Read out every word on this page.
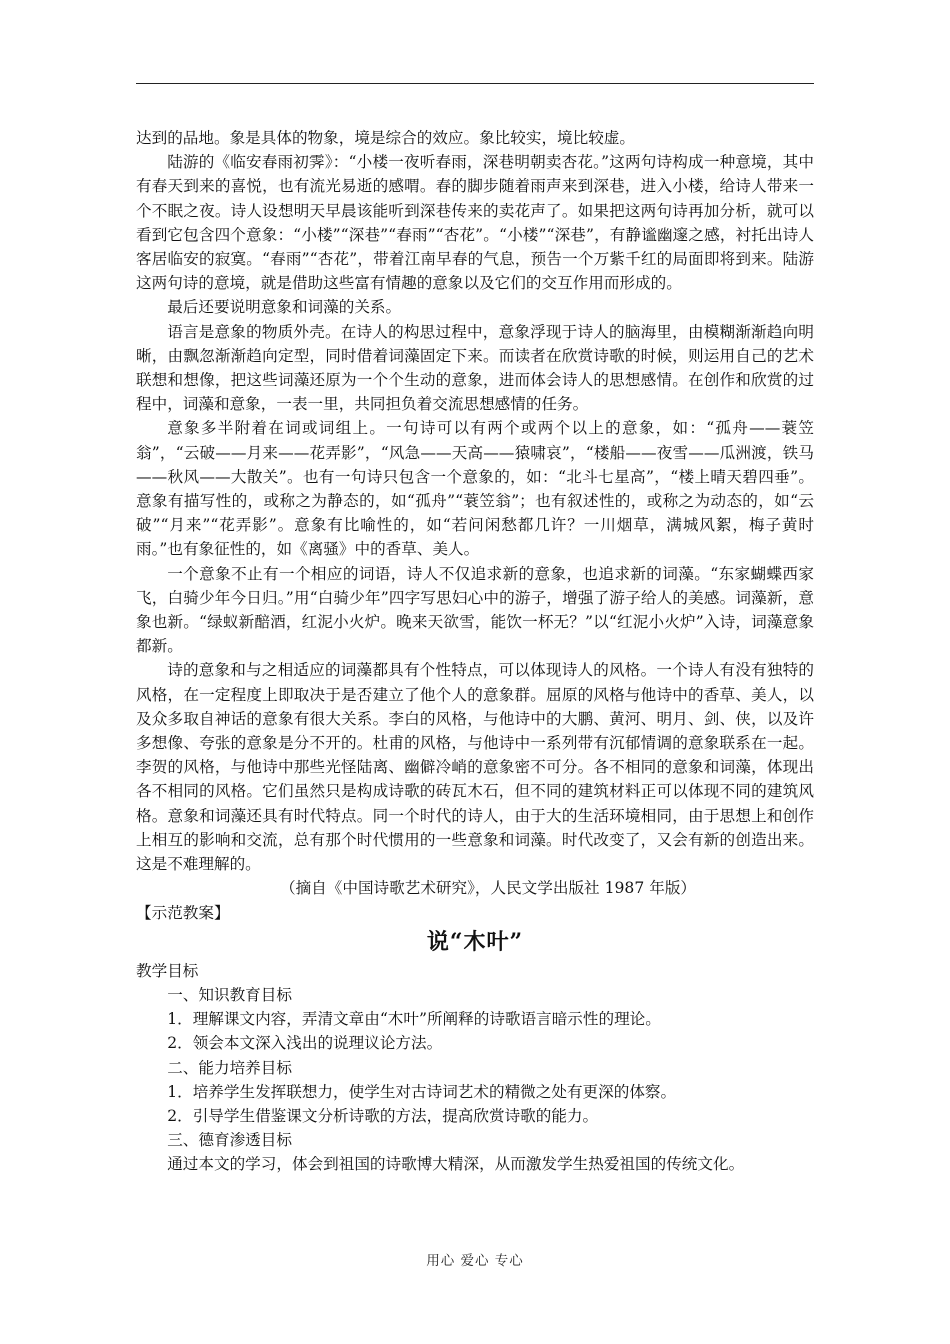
达到的品地。象是具体的物象，境是综合的效应。象比较实，境比较虚。

陆游的《临安春雨初霁》：“小楼一夜听春雨，深巷明朝卖杏花。”这两句诗构成一种意境，其中有春天到来的喜悦，也有流光易逝的感喟。春的脚步随着雨声来到深巷，进入小楼，给诗人带来一个不眠之夜。诗人设想明天早晨该能听到深巷传来的卖花声了。如果把这两句诗再加分析，就可以看到它包含四个意象：“小楼”“深巷”“春雨”“杏花”。“小楼”“深巷”，有静谧幽邃之感，衬托出诗人客居临安的寂寞。“春雨”“杏花”，带着江南早春的气息，预告一个万紫千红的局面即将到来。陆游这两句诗的意境，就是借助这些富有情趣的意象以及它们的交互作用而形成的。

最后还要说明意象和词藻的关系。

语言是意象的物质外壳。在诗人的构思过程中，意象浮现于诗人的脑海里，由模糊渐渐趋向明晰，由飘忽渐渐趋向定型，同时借着词藻固定下来。而读者在欣赏诗歌的时候，则运用自己的艺术联想和想像，把这些词藻还原为一个个生动的意象，进而体会诗人的思想感情。在创作和欣赏的过程中，词藻和意象，一表一里，共同担负着交流思想感情的任务。

意象多半附着在词或词组上。一句诗可以有两个或两个以上的意象，如：“孤舟——蓑笠翁”，“云破——月来——花弄影”，“风急——天高——猿啸哀”，“楼船——夜雪——瓜洲渡，铁马——秋风——大散关”。也有一句诗只包含一个意象的，如：“北斗七星高”，“楼上晴天碧四垂”。意象有描写性的，或称之为静态的，如“孤舟”“蓑笠翁”；也有叙述性的，或称之为动态的，如“云破”“月来”“花弄影”。意象有比喻性的，如“若问闲愁都几许？一川烟草，满城风絮，梅子黄时雨。”也有象征性的，如《离骚》中的香草、美人。

一个意象不止有一个相应的词语，诗人不仅追求新的意象，也追求新的词藻。“东家蝴蝶西家飞，白骑少年今日归。”用“白骑少年”四字写思妇心中的游子，增强了游子给人的美感。词藻新，意象也新。“绿蚁新醅酒，红泥小火炉。晚来天欲雪，能饮一杯无？”以“红泥小火炉”入诗，词藻意象都新。

诗的意象和与之相适应的词藻都具有个性特点，可以体现诗人的风格。一个诗人有没有独特的风格，在一定程度上即取决于是否建立了他个人的意象群。屈原的风格与他诗中的香草、美人，以及众多取自神话的意象有很大关系。李白的风格，与他诗中的大鹏、黄河、明月、剑、侠，以及许多想像、夸张的意象是分不开的。杜甫的风格，与他诗中一系列带有沉郁情调的意象联系在一起。李贺的风格，与他诗中那些光怪陆离、幽僻冷峭的意象密不可分。各不相同的意象和词藻，体现出各不相同的风格。它们虽然只是构成诗歌的砖瓦木石，但不同的建筑材料正可以体现不同的建筑风格。意象和词藻还具有时代特点。同一个时代的诗人，由于大的生活环境相同，由于思想上和创作上相互的影响和交流，总有那个时代惯用的一些意象和词藻。时代改变了，又会有新的创造出来。这是不难理解的。

（摘自《中国诗歌艺术研究》，人民文学出版社 1987 年版）

【示范教案】

说“木叶”

教学目标

一、知识教育目标

1．理解课文内容，弄清文章由“木叶”所阐释的诗歌语言暗示性的理论。

2．领会本文深入浅出的说理议论方法。

二、能力培养目标

1．培养学生发挥联想力，使学生对古诗词艺术的精微之处有更深的体察。

2．引导学生借鉴课文分析诗歌的方法，提高欣赏诗歌的能力。

三、德育渗透目标

通过本文的学习，体会到祖国的诗歌博大精深，从而激发学生热爱祖国的传统文化。

用心 爱心 专心
